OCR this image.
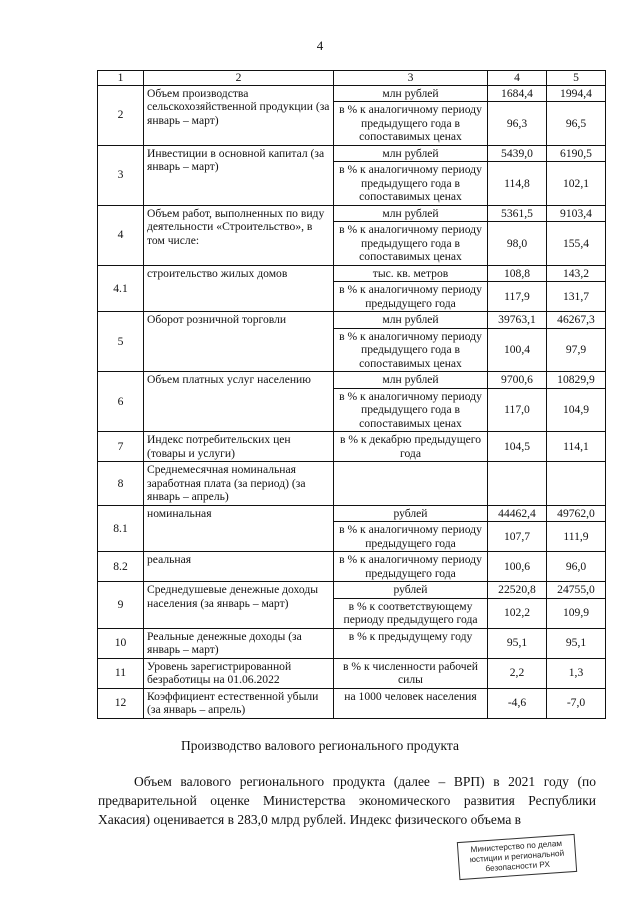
4
1	2	3	4	5
2	Объем производства сельскохозяйственной продукции (за январь – март)	млн рублей	1684,4	1994,4
		в % к аналогичному периоду предыдущего года в сопоставимых ценах	96,3	96,5
3	Инвестиции в основной капитал (за январь – март)	млн рублей	5439,0	6190,5
		в % к аналогичному периоду предыдущего года в сопоставимых ценах	114,8	102,1
4	Объем работ, выполненных по виду деятельности «Строительство», в том числе:	млн рублей	5361,5	9103,4
		в % к аналогичному периоду предыдущего года в сопоставимых ценах	98,0	155,4
4.1	строительство жилых домов	тыс. кв. метров	108,8	143,2
		в % к аналогичному периоду предыдущего года	117,9	131,7
5	Оборот розничной торговли	млн рублей	39763,1	46267,3
		в % к аналогичному периоду предыдущего года в сопоставимых ценах	100,4	97,9
6	Объем платных услуг населению	млн рублей	9700,6	10829,9
		в % к аналогичному периоду предыдущего года в сопоставимых ценах	117,0	104,9
7	Индекс потребительских цен (товары и услуги)	в % к декабрю предыдущего года	104,5	114,1
8	Среднемесячная номинальная заработная плата (за период) (за январь – апрель)			
8.1	номинальная	рублей	44462,4	49762,0
		в % к аналогичному периоду предыдущего года	107,7	111,9
8.2	реальная	в % к аналогичному периоду предыдущего года	100,6	96,0
9	Среднедушевые денежные доходы населения (за январь – март)	рублей	22520,8	24755,0
		в % к соответствующему периоду предыдущего года	102,2	109,9
10	Реальные денежные доходы (за январь – март)	в % к предыдущему году	95,1	95,1
11	Уровень зарегистрированной безработицы на 01.06.2022	в % к численности рабочей силы	2,2	1,3
12	Коэффициент естественной убыли (за январь – апрель)	на 1000 человек населения	-4,6	-7,0
Производство валового регионального продукта
Объем валового регионального продукта (далее – ВРП) в 2021 году (по предварительной оценке Министерства экономического развития Республики Хакасия) оценивается в 283,0 млрд рублей. Индекс физического объема в
Министерство по делам юстиции и региональной безопасности РХ
